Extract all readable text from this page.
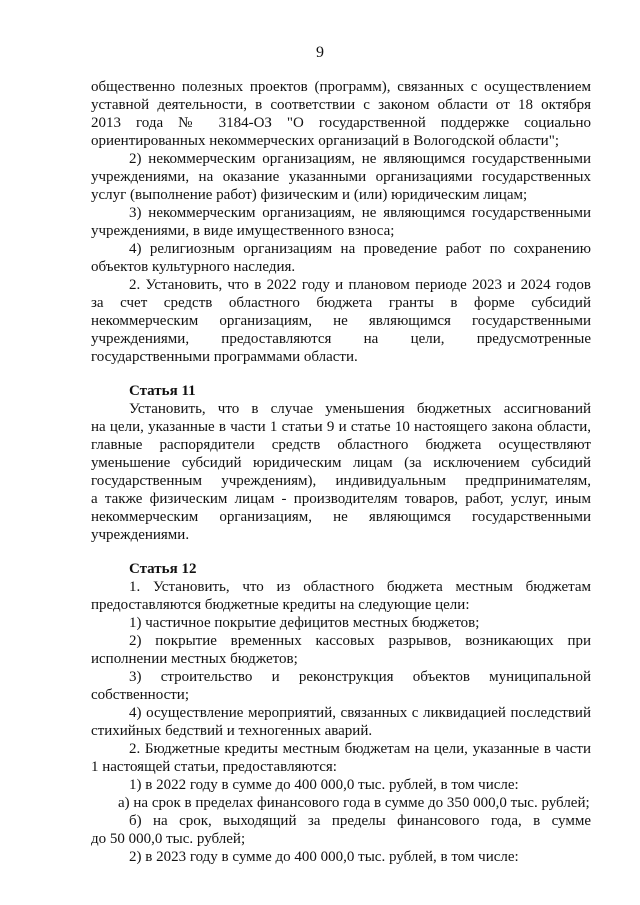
9
общественно полезных проектов (программ), связанных с осуществлением
уставной деятельности, в соответствии с законом области от 18 октября
2013 года № 3184-ОЗ "О государственной поддержке социально
ориентированных некоммерческих организаций в Вологодской области";
2) некоммерческим организациям, не являющимся государственными
учреждениями, на оказание указанными организациями государственных
услуг (выполнение работ) физическим и (или) юридическим лицам;
3) некоммерческим организациям, не являющимся государственными
учреждениями, в виде имущественного взноса;
4) религиозным организациям на проведение работ по сохранению
объектов культурного наследия.
2. Установить, что в 2022 году и плановом периоде 2023 и 2024 годов
за счет средств областного бюджета гранты в форме субсидий
некоммерческим организациям, не являющимся государственными
учреждениями, предоставляются на цели, предусмотренные
государственными программами области.
Статья 11
Установить, что в случае уменьшения бюджетных ассигнований
на цели, указанные в части 1 статьи 9 и статье 10 настоящего закона области,
главные распорядители средств областного бюджета осуществляют
уменьшение субсидий юридическим лицам (за исключением субсидий
государственным учреждениям), индивидуальным предпринимателям,
а также физическим лицам - производителям товаров, работ, услуг, иным
некоммерческим организациям, не являющимся государственными
учреждениями.
Статья 12
1. Установить, что из областного бюджета местным бюджетам
предоставляются бюджетные кредиты на следующие цели:
1) частичное покрытие дефицитов местных бюджетов;
2) покрытие временных кассовых разрывов, возникающих при
исполнении местных бюджетов;
3) строительство и реконструкция объектов муниципальной
собственности;
4) осуществление мероприятий, связанных с ликвидацией последствий
стихийных бедствий и техногенных аварий.
2. Бюджетные кредиты местным бюджетам на цели, указанные в части
1 настоящей статьи, предоставляются:
1) в 2022 году в сумме до 400 000,0 тыс. рублей, в том числе:
а) на срок в пределах финансового года в сумме до 350 000,0 тыс. рублей;
б) на срок, выходящий за пределы финансового года, в сумме
до 50 000,0 тыс. рублей;
2) в 2023 году в сумме до 400 000,0 тыс. рублей, в том числе:
